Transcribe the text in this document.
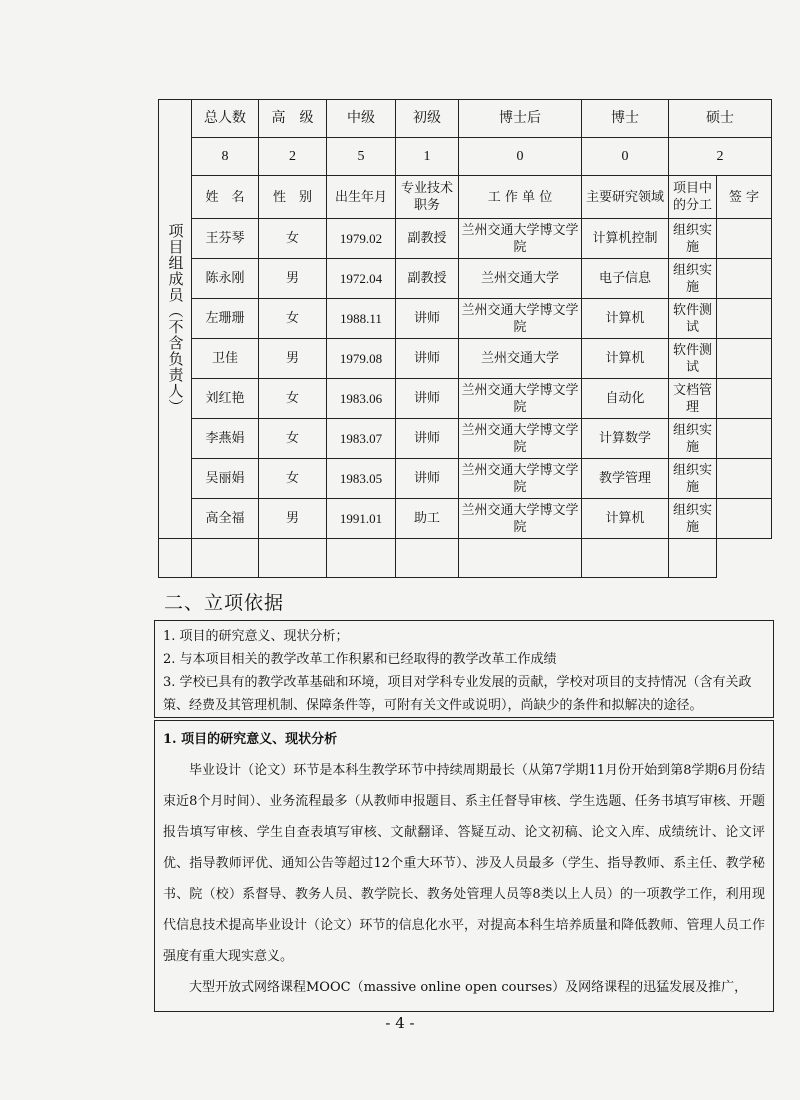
项目组成员（不含负责人）	总人数	高　级	中级	初级	博士后	博士	硕士	
	8	2	5	1	0	0	2	
	姓　名	性　别	出生年月	专业技术职务	工 作 单 位	主要研究领域	项目中的分工	签 字
	王芬琴	女	1979.02	副教授	兰州交通大学博文学院	计算机控制	组织实施	
	陈永刚	男	1972.04	副教授	兰州交通大学	电子信息	组织实施	
	左珊珊	女	1988.11	讲师	兰州交通大学博文学院	计算机	软件测试	
	卫佳	男	1979.08	讲师	兰州交通大学	计算机	软件测试	
	刘红艳	女	1983.06	讲师	兰州交通大学博文学院	自动化	文档管理	
	李燕娟	女	1983.07	讲师	兰州交通大学博文学院	计算数学	组织实施	
	吴丽娟	女	1983.05	讲师	兰州交通大学博文学院	教学管理	组织实施	
	高全福	男	1991.01	助工	兰州交通大学博文学院	计算机	组织实施	

二、立项依据

1. 项目的研究意义、现状分析；

2. 与本项目相关的教学改革工作积累和已经取得的教学改革工作成绩

3. 学校已具有的教学改革基础和环境，项目对学科专业发展的贡献，学校对项目的支持情况（含有关政策、经费及其管理机制、保障条件等，可附有关文件或说明），尚缺少的条件和拟解决的途径。

1. 项目的研究意义、现状分析

毕业设计（论文）环节是本科生教学环节中持续周期最长（从第7学期11月份开始到第8学期6月份结束近8个月时间）、业务流程最多（从教师申报题目、系主任督导审核、学生选题、任务书填写审核、开题报告填写审核、学生自查表填写审核、文献翻译、答疑互动、论文初稿、论文入库、成绩统计、论文评优、指导教师评优、通知公告等超过12个重大环节）、涉及人员最多（学生、指导教师、系主任、教学秘书、院（校）系督导、教务人员、教学院长、教务处管理人员等8类以上人员）的一项教学工作，利用现代信息技术提高毕业设计（论文）环节的信息化水平，对提高本科生培养质量和降低教师、管理人员工作强度有重大现实意义。

大型开放式网络课程MOOC（massive online open courses）及网络课程的迅猛发展及推广，

- 4 -
